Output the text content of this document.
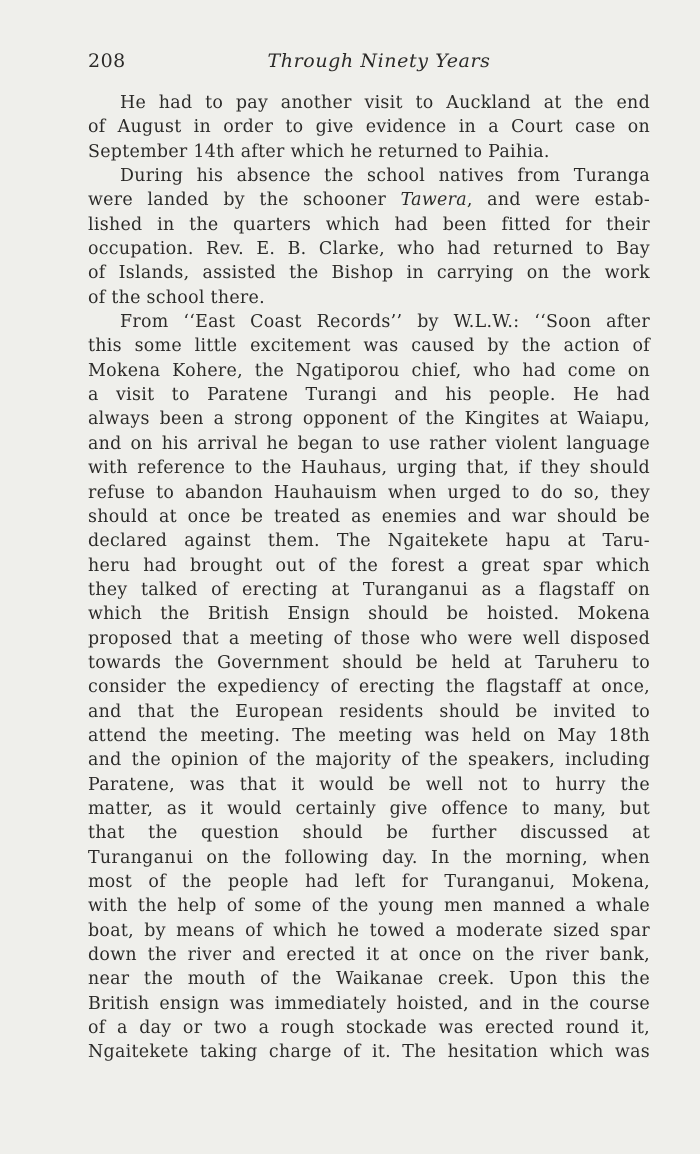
208	Through Ninety Years
He had to pay another visit to Auckland at the end
of August in order to give evidence in a Court case on
September 14th after which he returned to Paihia.
During his absence the school natives from Turanga
were landed by the schooner Tawera, and were estab-
lished in the quarters which had been fitted for their
occupation. Rev. E. B. Clarke, who had returned to Bay
of Islands, assisted the Bishop in carrying on the work
of the school there.
From ‘‘East Coast Records’’ by W.L.W.: ‘‘Soon after
this some little excitement was caused by the action of
Mokena Kohere, the Ngatiporou chief, who had come on
a visit to Paratene Turangi and his people. He had
always been a strong opponent of the Kingites at Waiapu,
and on his arrival he began to use rather violent language
with reference to the Hauhaus, urging that, if they should
refuse to abandon Hauhauism when urged to do so, they
should at once be treated as enemies and war should be
declared against them. The Ngaitekete hapu at Taru-
heru had brought out of the forest a great spar which
they talked of erecting at Turanganui as a flagstaff on
which the British Ensign should be hoisted. Mokena
proposed that a meeting of those who were well disposed
towards the Government should be held at Taruheru to
consider the expediency of erecting the flagstaff at once,
and that the European residents should be invited to
attend the meeting. The meeting was held on May 18th
and the opinion of the majority of the speakers, including
Paratene, was that it would be well not to hurry the
matter, as it would certainly give offence to many, but
that the question should be further discussed at
Turanganui on the following day. In the morning, when
most of the people had left for Turanganui, Mokena,
with the help of some of the young men manned a whale
boat, by means of which he towed a moderate sized spar
down the river and erected it at once on the river bank,
near the mouth of the Waikanae creek. Upon this the
British ensign was immediately hoisted, and in the course
of a day or two a rough stockade was erected round it,
Ngaitekete taking charge of it. The hesitation which was
